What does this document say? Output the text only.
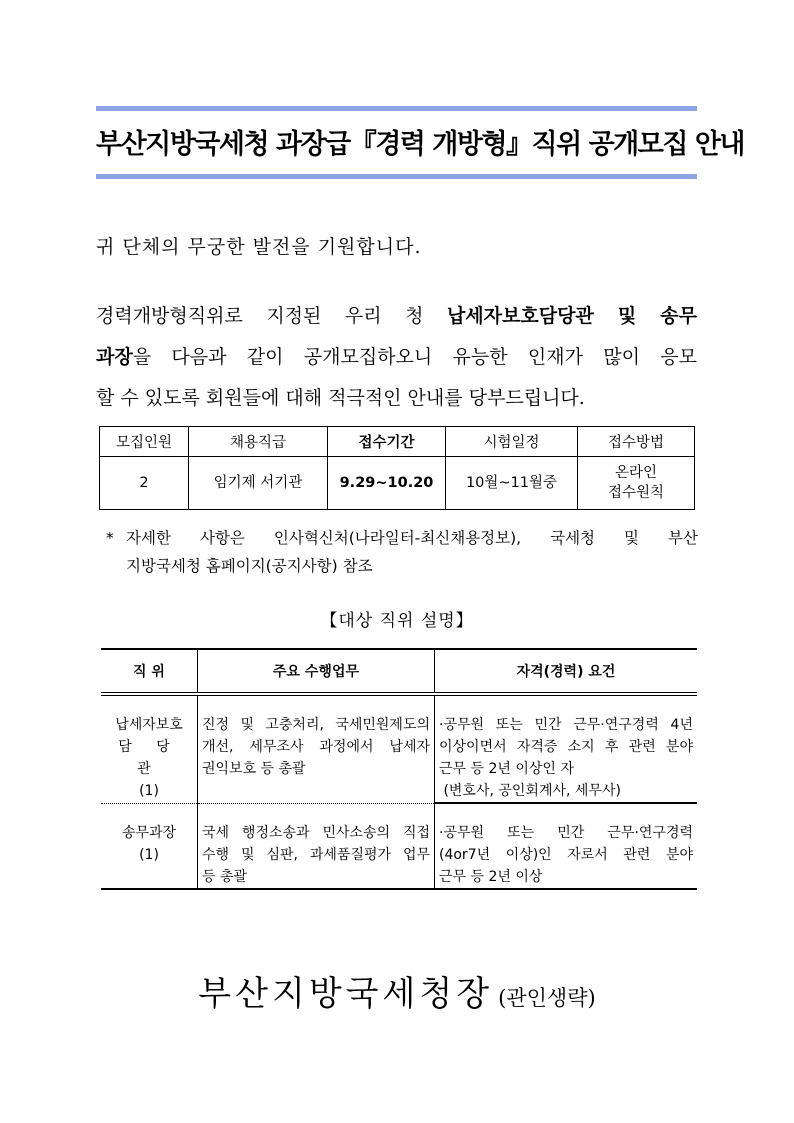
부산지방국세청 과장급『경력 개방형』직위 공개모집 안내
귀 단체의 무궁한 발전을 기원합니다.
경력개방형직위로 지정된 우리 청 납세자보호담당관 및 송무
과장을 다음과 같이 공개모집하오니 유능한 인재가 많이 응모
할 수 있도록 회원들에 대해 적극적인 안내를 당부드립니다.
모집인원	채용직급	접수기간	시험일정	접수방법
2	임기제 서기관	9.29~10.20	10월~11월중	온라인
접수원칙
* 자세한 사항은 인사혁신처(나라일터-최신채용정보), 국세청 및 부산
지방국세청 홈페이지(공지사항) 참조
【대상 직위 설명】
직 위	주요 수행업무	자격(경력) 요건

납세자보호
담 당 관
(1)	진정 및 고충처리, 국세민원제도의
개선, 세무조사 과정에서 납세자
권익보호 등 총괄	·공무원 또는 민간 근무·연구경력 4년
이상이면서 자격증 소지 후 관련 분야
근무 등 2년 이상인 자
(변호사, 공인회계사, 세무사)

송무과장
(1)	국세 행정소송과 민사소송의 직접
수행 및 심판, 과세품질평가 업무
등 총괄	·공무원 또는 민간 근무·연구경력
(4or7년 이상)인 자로서 관련 분야
근무 등 2년 이상
부산지방국세청장 (관인생략)
